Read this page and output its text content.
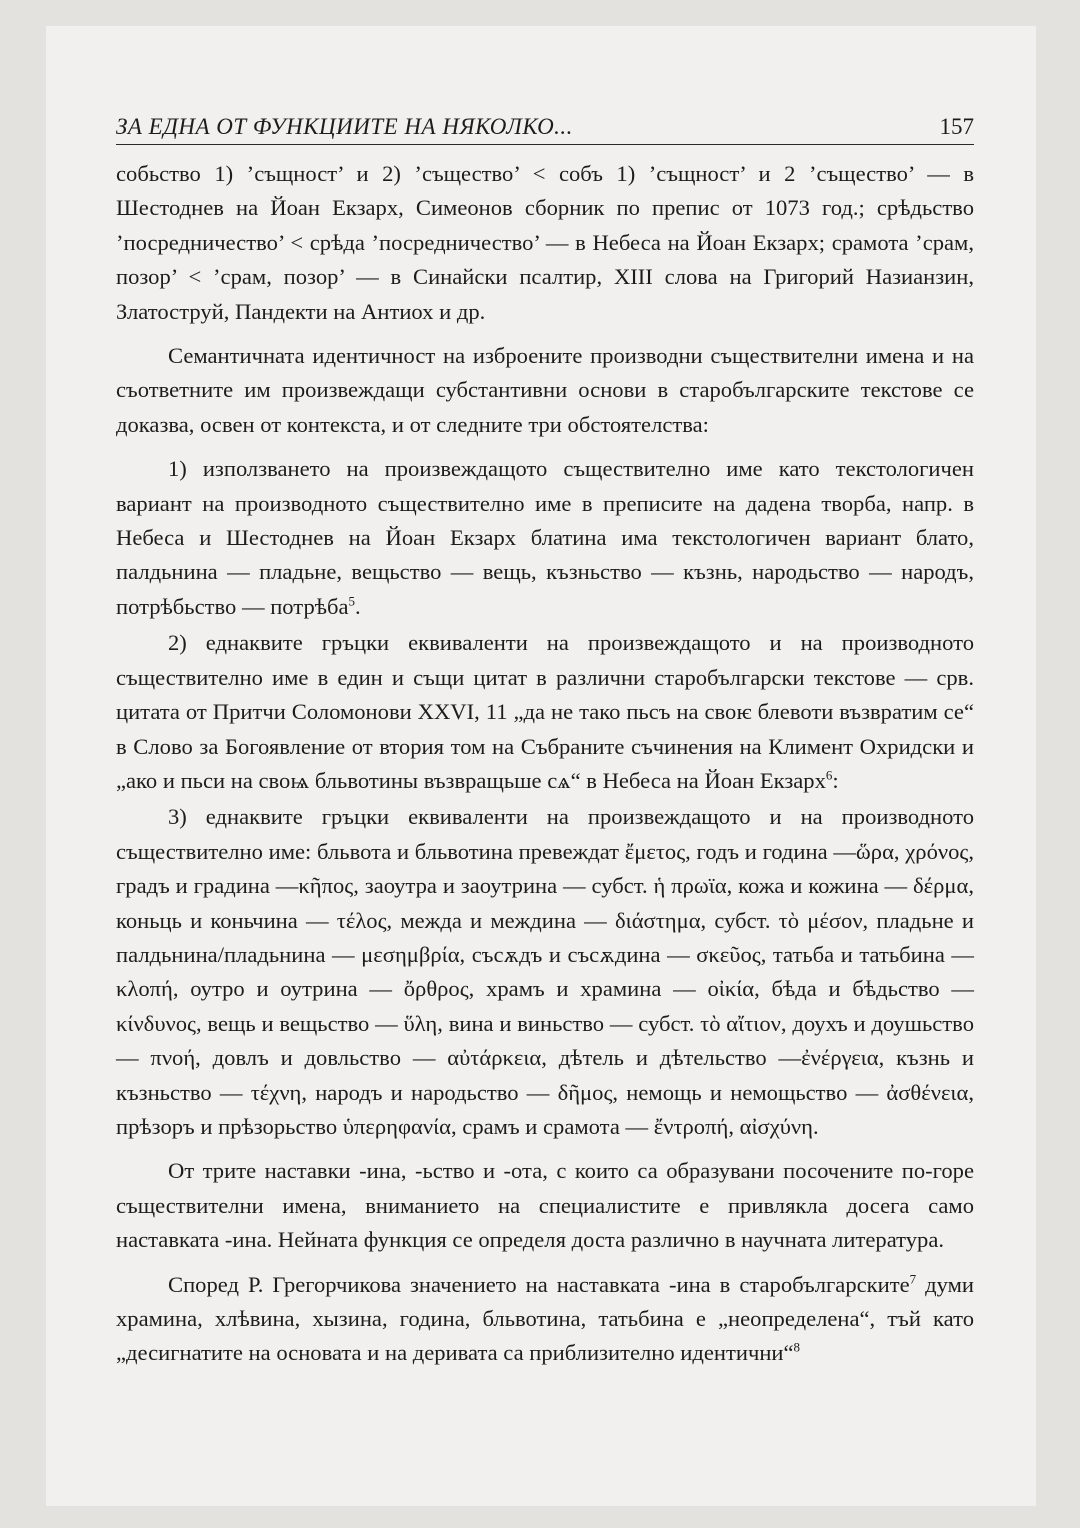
ЗА ЕДНА ОТ ФУНКЦИИТЕ НА НЯКОЛКО...	157

собьство 1) ’същност’ и 2) ’същество’ < собъ 1) ’същност’ и 2 ’същество’ — в Шестоднев на Йоан Екзарх, Симеонов сборник по препис от 1073 год.; срѣдьство ’посредничество’ < срѣда ’посредничество’ — в Небеса на Йоан Екзарх; срамота ’срам, позор’ < ’срам, позор’ — в Синайски псалтир, XIII слова на Григорий Назианзин, Златоструй, Пандекти на Антиох и др.

Семантичната идентичност на изброените производни съществителни имена и на съответните им произвеждащи субстантивни основи в старобългарските текстове се доказва, освен от контекста, и от следните три обстоятелства:

1) използването на произвеждащото съществително име като текстологичен вариант на производното съществително име в преписите на дадена творба, напр. в Небеса и Шестоднев на Йоан Екзарх блатина има текстологичен вариант блато, палдьнина — пладьне, вещьство — вещь, къзньство — къзнь, народьство — народъ, потрѣбьство — потрѣба$^5$.

2) еднаквите гръцки еквиваленти на произвеждащото и на производното съществително име в един и същи цитат в различни старобългарски текстове — срв. цитата от Притчи Соломонови XXVI, 11 „да не тако пьсъ на своѥ блевоти възвратим се“ в Слово за Богоявление от втория том на Събраните съчинения на Климент Охридски и „ако и пьси на своѩ бльвотины възвращьше сѧ“ в Небеса на Йоан Екзарх$^6$:

3) еднаквите гръцки еквиваленти на произвеждащото и на производното съществително име: бльвота и бльвотина превеждат ἔμετος, годъ и година —ὥρα, χρόνος, градъ и градина —κῆπος, заоутра и заоутрина — субст. ἡ πρωϊα, кожа и кожина — δέρμα, коньць и коньчина — τέλος, межда и междина — διάστημα, субст. τὸ μέσον, пладьне и палдьнина/пладьнина — μεσημβρία, съсѫдъ и съсѫдина — σκεῦος, татьба и татьбина —κλοπή, оутро и оутрина — ὄρθρος, храмъ и храмина — οἰκία, бѣда и бѣдьство — κίνδυνος, вещь и вещьство — ὕλη, вина и виньство — субст. τὸ αἴτιον, доухъ и доушьство — πνοή, довлъ и довльство — αὐτάρκεια, дѣтель и дѣтельство —ἐνέργεια, къзнь и къзньство — τέχνη, народъ и народьство — δῆμος, немощь и немощьство — ἀσθένεια, прѣзоръ и прѣзорьство ὑπερηφανία, срамъ и срамота — ἔντροπή, αἰσχύνη.

От трите наставки -ина, -ьство и -ота, с които са образувани посочените по-горе съществителни имена, вниманието на специалистите е привлякла досега само наставката -ина. Нейната функция се определя доста различно в научната литература.

Според Р. Грегорчикова значението на наставката -ина в старобългарските$^7$ думи храмина, хлѣвина, хызина, година, бльвотина, татьбина е „неопределена“, тъй като „десигнатите на основата и на деривата са приблизително идентични“$^8$
